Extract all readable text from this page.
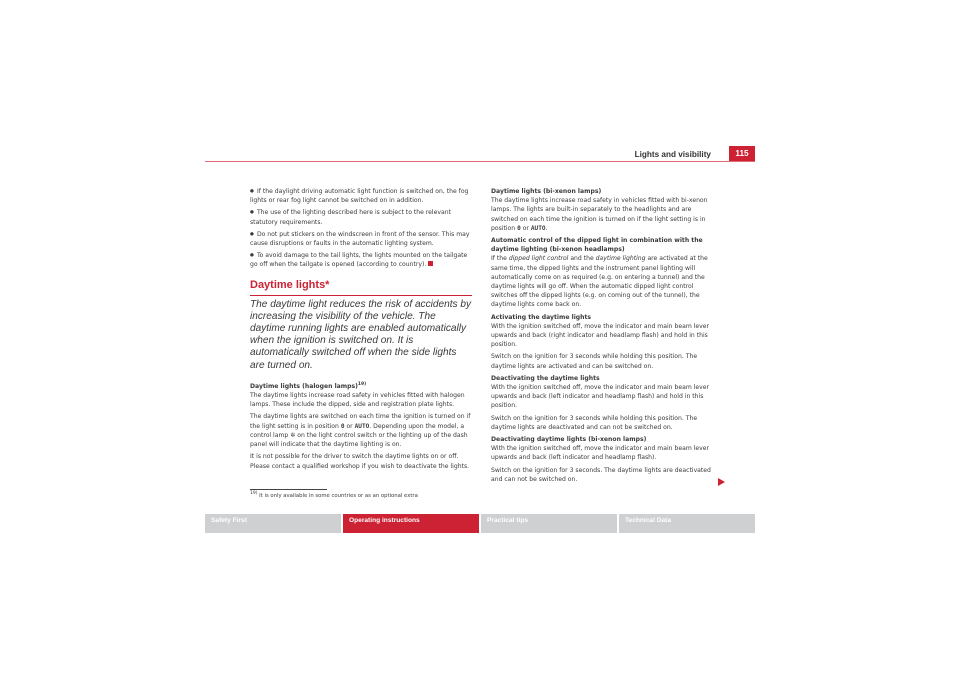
Lights and visibility	115

● If the daylight driving automatic light function is switched on, the fog lights or rear fog light cannot be switched on in addition.

● The use of the lighting described here is subject to the relevant statutory requirements.

● Do not put stickers on the windscreen in front of the sensor. This may cause disruptions or faults in the automatic lighting system.

● To avoid damage to the tail lights, the lights mounted on the tailgate go off when the tailgate is opened (according to country).

Daytime lights*

The daytime light reduces the risk of accidents by increasing the visibility of the vehicle. The daytime running lights are enabled automatically when the ignition is switched on. It is automatically switched off when the side lights are turned on.

Daytime lights (halogen lamps)$^{19)}$

The daytime lights increase road safety in vehicles fitted with halogen lamps. These include the dipped, side and registration plate lights.

The daytime lights are switched on each time the ignition is turned on if the light setting is in position 0 or AUTO. Depending upon the model, a control lamp ✲ on the light control switch or the lighting up of the dash panel will indicate that the daytime lighting is on.

It is not possible for the driver to switch the daytime lights on or off. Please contact a qualified workshop if you wish to deactivate the lights.

Daytime lights (bi-xenon lamps)

The daytime lights increase road safety in vehicles fitted with bi-xenon lamps. The lights are built-in separately to the headlights and are switched on each time the ignition is turned on if the light setting is in position 0 or AUTO.

Automatic control of the dipped light in combination with the daytime lighting (bi-xenon headlamps)

If the dipped light control and the daytime lighting are activated at the same time, the dipped lights and the instrument panel lighting will automatically come on as required (e.g. on entering a tunnel) and the daytime lights will go off. When the automatic dipped light control switches off the dipped lights (e.g. on coming out of the tunnel), the daytime lights come back on.

Activating the daytime lights

With the ignition switched off, move the indicator and main beam lever upwards and back (right indicator and headlamp flash) and hold in this position.

Switch on the ignition for 3 seconds while holding this position. The daytime lights are activated and can be switched on.

Deactivating the daytime lights

With the ignition switched off, move the indicator and main beam lever upwards and back (left indicator and headlamp flash) and hold in this position.

Switch on the ignition for 3 seconds while holding this position. The daytime lights are deactivated and can not be switched on.

Deactivating daytime lights (bi-xenon lamps)

With the ignition switched off, move the indicator and main beam lever upwards and back (left indicator and headlamp flash).

Switch on the ignition for 3 seconds. The daytime lights are deactivated and can not be switched on.

$^{19)}$ It is only available in some countries or as an optional extra
Safety First	Operating instructions	Practical tips	Technical Data
